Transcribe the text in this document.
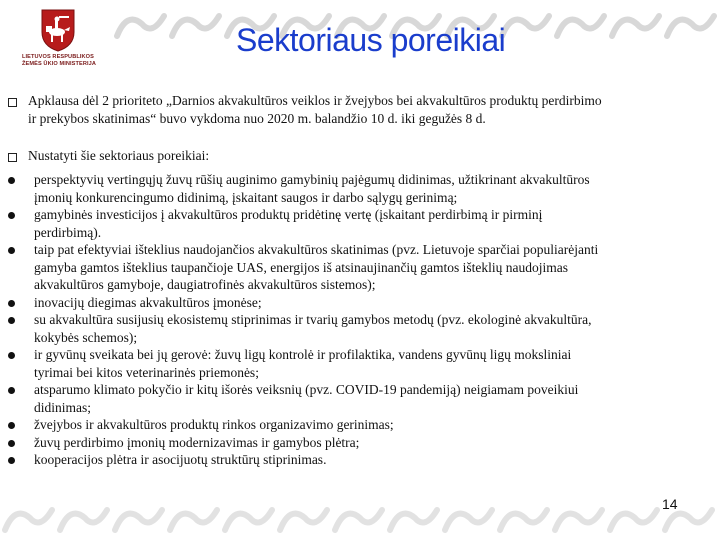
LIETUVOS RESPUBLIKOS
ŽEMĖS ŪKIO MINISTERIJA
Sektoriaus poreikiai
Apklausa dėl 2 prioriteto „Darnios akvakultūros veiklos ir žvejybos bei akvakultūros produktų perdirbimo
ir prekybos skatinimas“ buvo vykdoma nuo 2020 m. balandžio 10 d. iki gegužės 8 d.
Nustatyti šie sektoriaus poreikiai:
perspektyvių vertingųjų žuvų rūšių auginimo gamybinių pajėgumų didinimas, užtikrinant akvakultūros
įmonių konkurencingumo didinimą, įskaitant saugos ir darbo sąlygų gerinimą;
gamybinės investicijos į akvakultūros produktų pridėtinę vertę (įskaitant perdirbimą ir pirminį
perdirbimą).
taip pat efektyviai išteklius naudojančios akvakultūros skatinimas (pvz. Lietuvoje sparčiai populiarėjanti
gamyba gamtos išteklius taupančioje UAS, energijos iš atsinaujinančių gamtos išteklių naudojimas
akvakultūros gamyboje, daugiatrofinės akvakultūros sistemos);
inovacijų diegimas akvakultūros įmonėse;
su akvakultūra susijusių ekosistemų stiprinimas ir tvarių gamybos metodų (pvz. ekologinė akvakultūra,
kokybės schemos);
ir gyvūnų sveikata bei jų gerovė: žuvų ligų kontrolė ir profilaktika, vandens gyvūnų ligų moksliniai
tyrimai bei kitos veterinarinės priemonės;
atsparumo klimato pokyčio ir kitų išorės veiksnių (pvz. COVID-19 pandemiją) neigiamam poveikiui
didinimas;
žvejybos ir akvakultūros produktų rinkos organizavimo gerinimas;
žuvų perdirbimo įmonių modernizavimas ir gamybos plėtra;
kooperacijos plėtra ir asocijuotų struktūrų stiprinimas.
14
